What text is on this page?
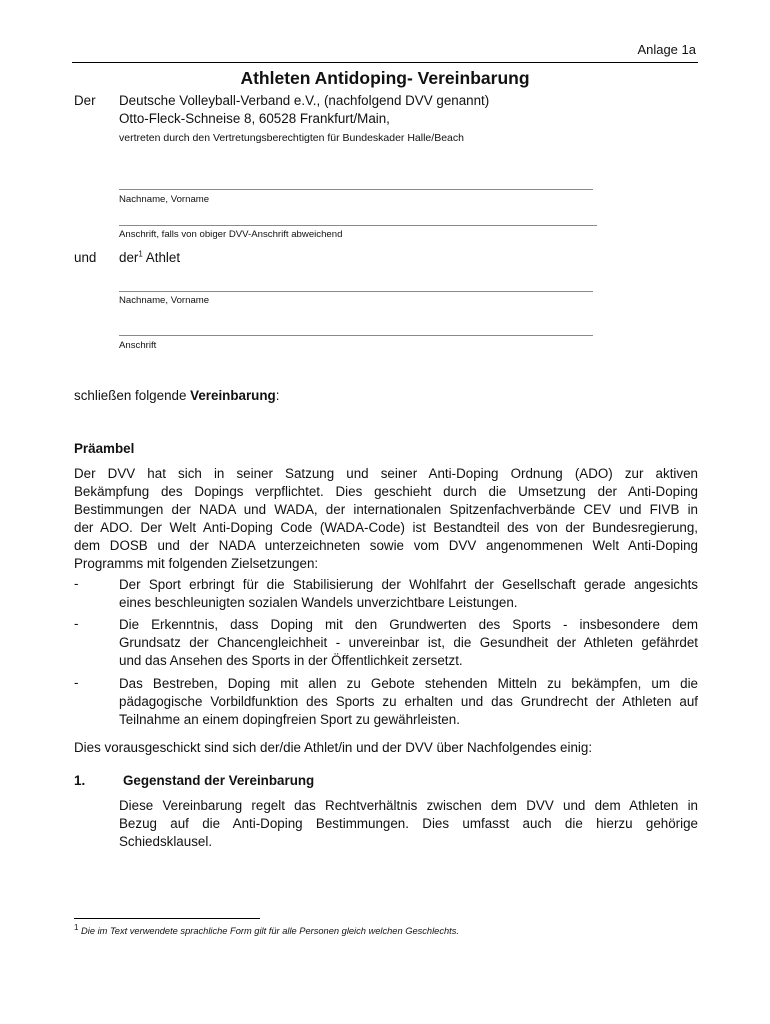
Anlage 1a
Athleten Antidoping- Vereinbarung
Der Deutsche Volleyball-Verband e.V., (nachfolgend DVV genannt)
Otto-Fleck-Schneise 8, 60528 Frankfurt/Main,
vertreten durch den Vertretungsberechtigten für Bundeskader Halle/Beach
Nachname, Vorname
Anschrift, falls von obiger DVV-Anschrift abweichend
und der$^1$ Athlet
Nachname, Vorname
Anschrift
schließen folgende Vereinbarung:
Präambel
Der DVV hat sich in seiner Satzung und seiner Anti-Doping Ordnung (ADO) zur aktiven
Bekämpfung des Dopings verpflichtet. Dies geschieht durch die Umsetzung der Anti-Doping
Bestimmungen der NADA und WADA, der internationalen Spitzenfachverbände CEV und FIVB in
der ADO. Der Welt Anti-Doping Code (WADA-Code) ist Bestandteil des von der Bundesregierung,
dem DOSB und der NADA unterzeichneten sowie vom DVV angenommenen Welt Anti-Doping
Programms mit folgenden Zielsetzungen:
-	Der Sport erbringt für die Stabilisierung der Wohlfahrt der Gesellschaft gerade angesichts
eines beschleunigten sozialen Wandels unverzichtbare Leistungen.
-	Die Erkenntnis, dass Doping mit den Grundwerten des Sports - insbesondere dem
Grundsatz der Chancengleichheit - unvereinbar ist, die Gesundheit der Athleten gefährdet
und das Ansehen des Sports in der Öffentlichkeit zersetzt.
-	Das Bestreben, Doping mit allen zu Gebote stehenden Mitteln zu bekämpfen, um die
pädagogische Vorbildfunktion des Sports zu erhalten und das Grundrecht der Athleten auf
Teilnahme an einem dopingfreien Sport zu gewährleisten.
Dies vorausgeschickt sind sich der/die Athlet/in und der DVV über Nachfolgendes einig:
1.	Gegenstand der Vereinbarung
Diese Vereinbarung regelt das Rechtverhältnis zwischen dem DVV und dem Athleten in
Bezug auf die Anti-Doping Bestimmungen. Dies umfasst auch die hierzu gehörige
Schiedsklausel.
1 Die im Text verwendete sprachliche Form gilt für alle Personen gleich welchen Geschlechts.
